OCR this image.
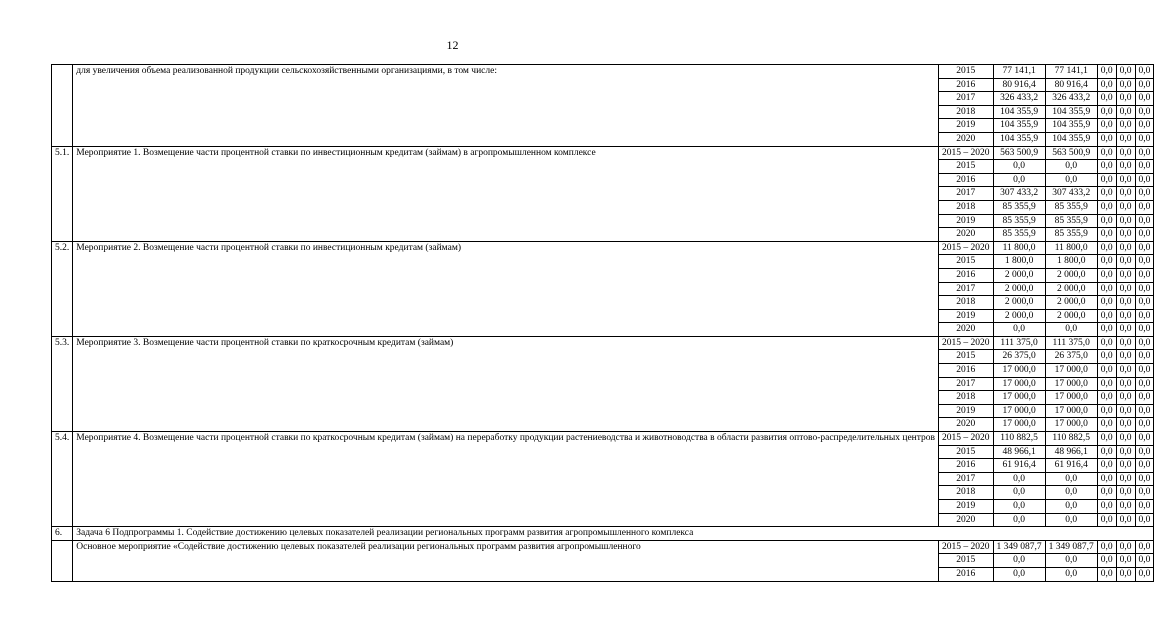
12
	для увеличения объема реализованной продукции сельскохозяйственными организациями, в том числе:	2015	77 141,1	77 141,1	0,0	0,0	0,0
		2016	80 916,4	80 916,4	0,0	0,0	0,0
		2017	326 433,2	326 433,2	0,0	0,0	0,0
		2018	104 355,9	104 355,9	0,0	0,0	0,0
		2019	104 355,9	104 355,9	0,0	0,0	0,0
		2020	104 355,9	104 355,9	0,0	0,0	0,0
5.1.	Мероприятие 1. Возмещение части процентной ставки по инвестиционным кредитам (займам) в агропромышленном комплексе	2015 – 2020	563 500,9	563 500,9	0,0	0,0	0,0
		2015	0,0	0,0	0,0	0,0	0,0
		2016	0,0	0,0	0,0	0,0	0,0
		2017	307 433,2	307 433,2	0,0	0,0	0,0
		2018	85 355,9	85 355,9	0,0	0,0	0,0
		2019	85 355,9	85 355,9	0,0	0,0	0,0
		2020	85 355,9	85 355,9	0,0	0,0	0,0
5.2.	Мероприятие 2. Возмещение части процентной ставки по инвестиционным кредитам (займам)	2015 – 2020	11 800,0	11 800,0	0,0	0,0	0,0
		2015	1 800,0	1 800,0	0,0	0,0	0,0
		2016	2 000,0	2 000,0	0,0	0,0	0,0
		2017	2 000,0	2 000,0	0,0	0,0	0,0
		2018	2 000,0	2 000,0	0,0	0,0	0,0
		2019	2 000,0	2 000,0	0,0	0,0	0,0
		2020	0,0	0,0	0,0	0,0	0,0
5.3.	Мероприятие 3. Возмещение части процентной ставки по краткосрочным кредитам (займам)	2015 – 2020	111 375,0	111 375,0	0,0	0,0	0,0
		2015	26 375,0	26 375,0	0,0	0,0	0,0
		2016	17 000,0	17 000,0	0,0	0,0	0,0
		2017	17 000,0	17 000,0	0,0	0,0	0,0
		2018	17 000,0	17 000,0	0,0	0,0	0,0
		2019	17 000,0	17 000,0	0,0	0,0	0,0
		2020	17 000,0	17 000,0	0,0	0,0	0,0
5.4.	Мероприятие 4. Возмещение части процентной ставки по краткосрочным кредитам (займам) на переработку продукции растениеводства и животноводства в области развития оптово-распределительных центров	2015 – 2020	110 882,5	110 882,5	0,0	0,0	0,0
		2015	48 966,1	48 966,1	0,0	0,0	0,0
		2016	61 916,4	61 916,4	0,0	0,0	0,0
		2017	0,0	0,0	0,0	0,0	0,0
		2018	0,0	0,0	0,0	0,0	0,0
		2019	0,0	0,0	0,0	0,0	0,0
		2020	0,0	0,0	0,0	0,0	0,0
6.	Задача 6 Подпрограммы 1. Содействие достижению целевых показателей реализации региональных программ развития агропромышленного комплекса						
	Основное мероприятие «Содействие достижению целевых показателей реализации региональных программ развития агропромышленного	2015 – 2020	1 349 087,7	1 349 087,7	0,0	0,0	0,0
		2015	0,0	0,0	0,0	0,0	0,0
		2016	0,0	0,0	0,0	0,0	0,0
